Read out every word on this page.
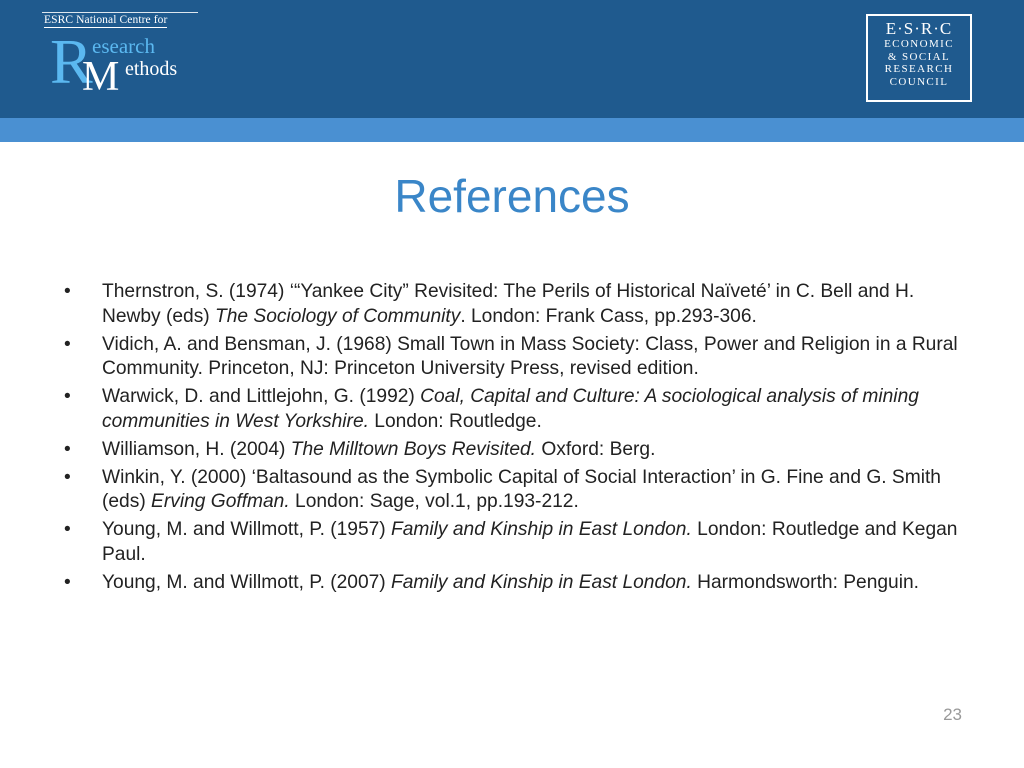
ESRC National Centre for
R esearch
M ethods
E·S·R·C
ECONOMIC
& SOCIAL
RESEARCH
COUNCIL
References
• Thernstron, S. (1974) ‘“Yankee City” Revisited: The Perils of Historical Naïveté’ in C. Bell and H. Newby (eds) The Sociology of Community. London: Frank Cass, pp.293-306.
• Vidich, A. and Bensman, J. (1968) Small Town in Mass Society: Class, Power and Religion in a Rural Community. Princeton, NJ: Princeton University Press, revised edition.
• Warwick, D. and Littlejohn, G. (1992) Coal, Capital and Culture: A sociological analysis of mining communities in West Yorkshire. London: Routledge.
• Williamson, H. (2004) The Milltown Boys Revisited. Oxford: Berg.
• Winkin, Y. (2000) ‘Baltasound as the Symbolic Capital of Social Interaction’ in G. Fine and G. Smith (eds) Erving Goffman. London: Sage, vol.1, pp.193-212.
• Young, M. and Willmott, P. (1957) Family and Kinship in East London. London: Routledge and Kegan Paul.
• Young, M. and Willmott, P. (2007) Family and Kinship in East London. Harmondsworth: Penguin.
23
